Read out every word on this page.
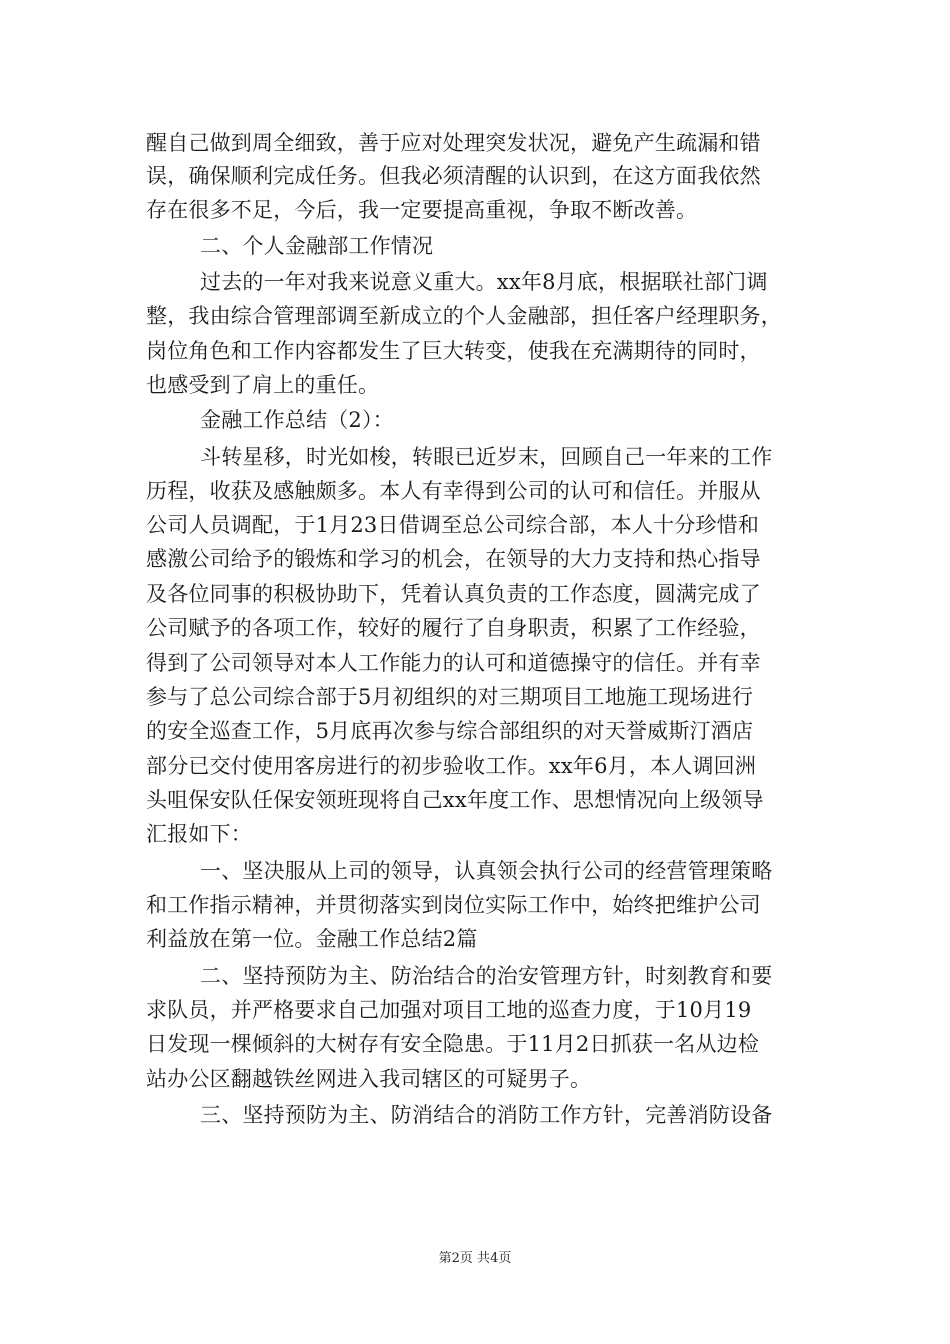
醒自己做到周全细致，善于应对处理突发状况，避免产生疏漏和错
误，确保顺利完成任务。但我必须清醒的认识到，在这方面我依然
存在很多不足，今后，我一定要提高重视，争取不断改善。
二、个人金融部工作情况
过去的一年对我来说意义重大。xx年8月底，根据联社部门调
整，我由综合管理部调至新成立的个人金融部，担任客户经理职务，
岗位角色和工作内容都发生了巨大转变，使我在充满期待的同时，
也感受到了肩上的重任。
金融工作总结（2）：
斗转星移，时光如梭，转眼已近岁末，回顾自己一年来的工作
历程，收获及感触颇多。本人有幸得到公司的认可和信任。并服从
公司人员调配，于1月23日借调至总公司综合部，本人十分珍惜和
感激公司给予的锻炼和学习的机会，在领导的大力支持和热心指导
及各位同事的积极协助下，凭着认真负责的工作态度，圆满完成了
公司赋予的各项工作，较好的履行了自身职责，积累了工作经验，
得到了公司领导对本人工作能力的认可和道德操守的信任。并有幸
参与了总公司综合部于5月初组织的对三期项目工地施工现场进行
的安全巡查工作，5月底再次参与综合部组织的对天誉威斯汀酒店
部分已交付使用客房进行的初步验收工作。xx年6月，本人调回洲
头咀保安队任保安领班现将自己xx年度工作、思想情况向上级领导
汇报如下：
一、坚决服从上司的领导，认真领会执行公司的经营管理策略
和工作指示精神，并贯彻落实到岗位实际工作中，始终把维护公司
利益放在第一位。金融工作总结2篇
二、坚持预防为主、防治结合的治安管理方针，时刻教育和要
求队员，并严格要求自己加强对项目工地的巡查力度，于10月19
日发现一棵倾斜的大树存有安全隐患。于11月2日抓获一名从边检
站办公区翻越铁丝网进入我司辖区的可疑男子。
三、坚持预防为主、防消结合的消防工作方针，完善消防设备
第2页 共4页
